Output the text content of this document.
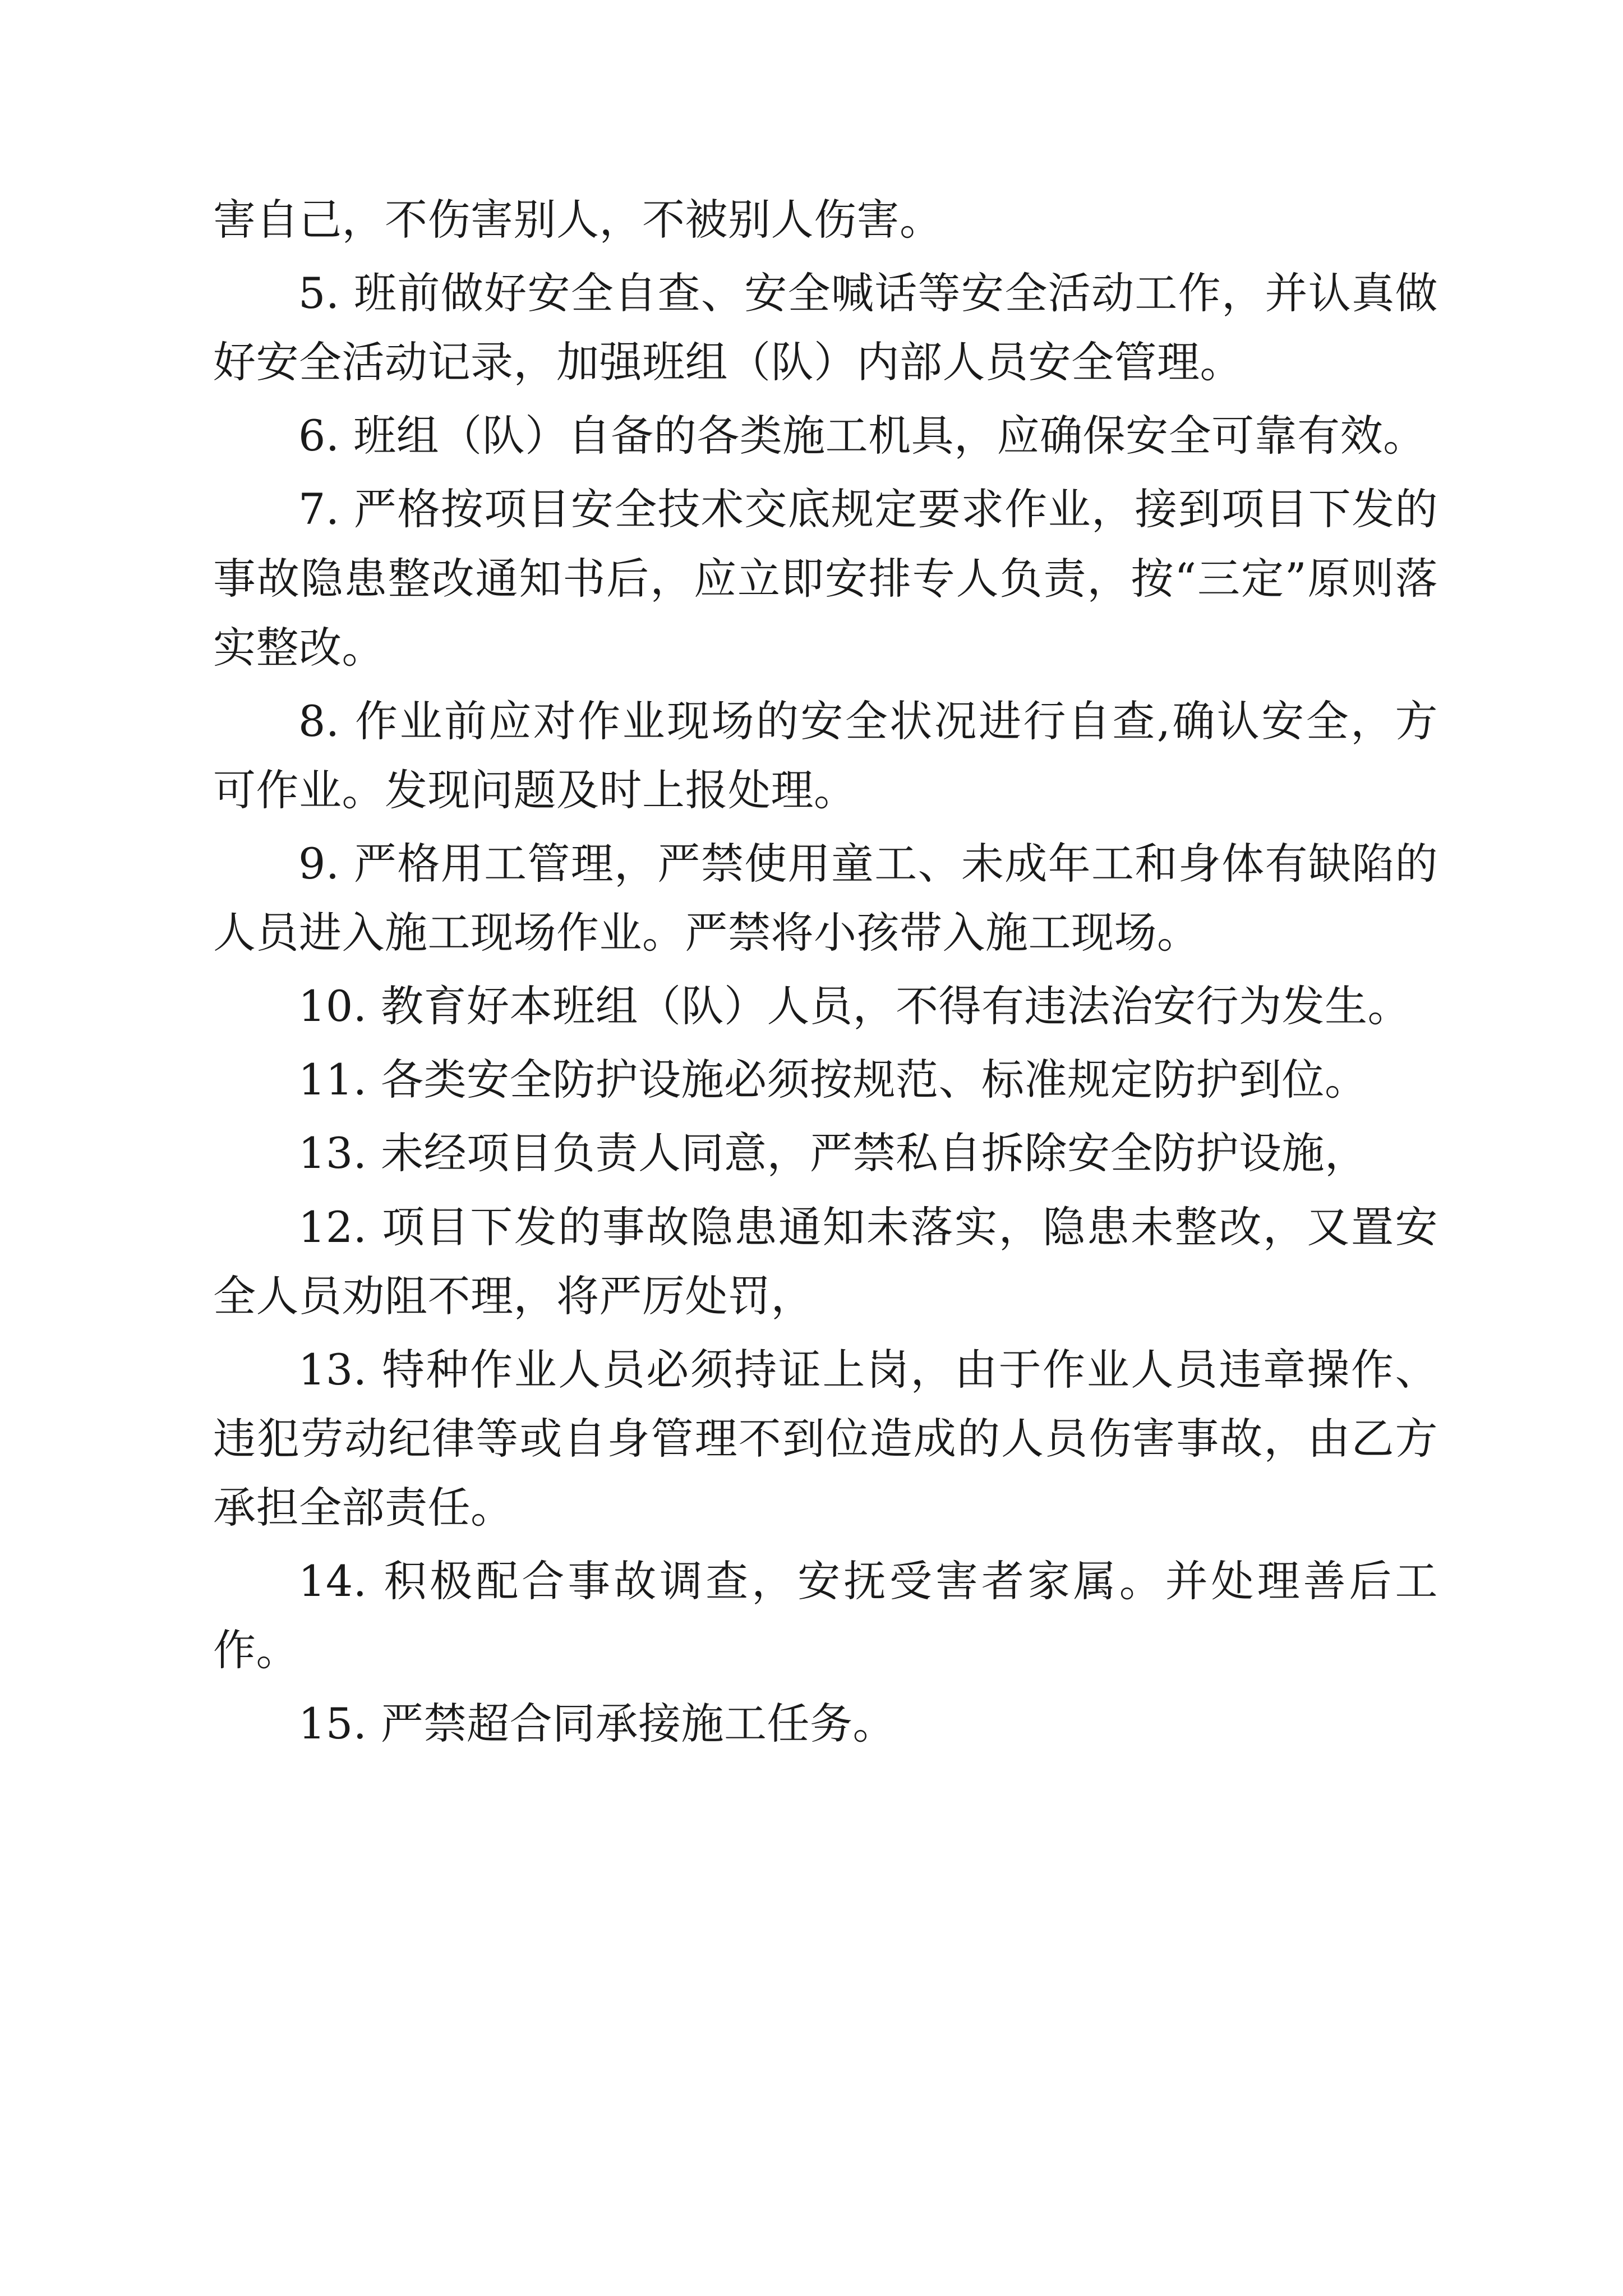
害自己，不伤害别人，不被别人伤害。

5. 班前做好安全自查、安全喊话等安全活动工作，并认真做好安全活动记录，加强班组（队）内部人员安全管理。

6. 班组（队）自备的各类施工机具，应确保安全可靠有效。

7. 严格按项目安全技术交底规定要求作业，接到项目下发的事故隐患整改通知书后，应立即安排专人负责，按“三定”原则落实整改。

8. 作业前应对作业现场的安全状况进行自查,确认安全，方可作业。发现问题及时上报处理。

9. 严格用工管理，严禁使用童工、未成年工和身体有缺陷的人员进入施工现场作业。严禁将小孩带入施工现场。

10. 教育好本班组（队）人员，不得有违法治安行为发生。

11. 各类安全防护设施必须按规范、标准规定防护到位。

13. 未经项目负责人同意，严禁私自拆除安全防护设施，

12. 项目下发的事故隐患通知未落实，隐患未整改，又置安全人员劝阻不理，将严厉处罚，

13. 特种作业人员必须持证上岗，由于作业人员违章操作、违犯劳动纪律等或自身管理不到位造成的人员伤害事故，由乙方承担全部责任。

14. 积极配合事故调查，安抚受害者家属。并处理善后工作。

15. 严禁超合同承接施工任务。
